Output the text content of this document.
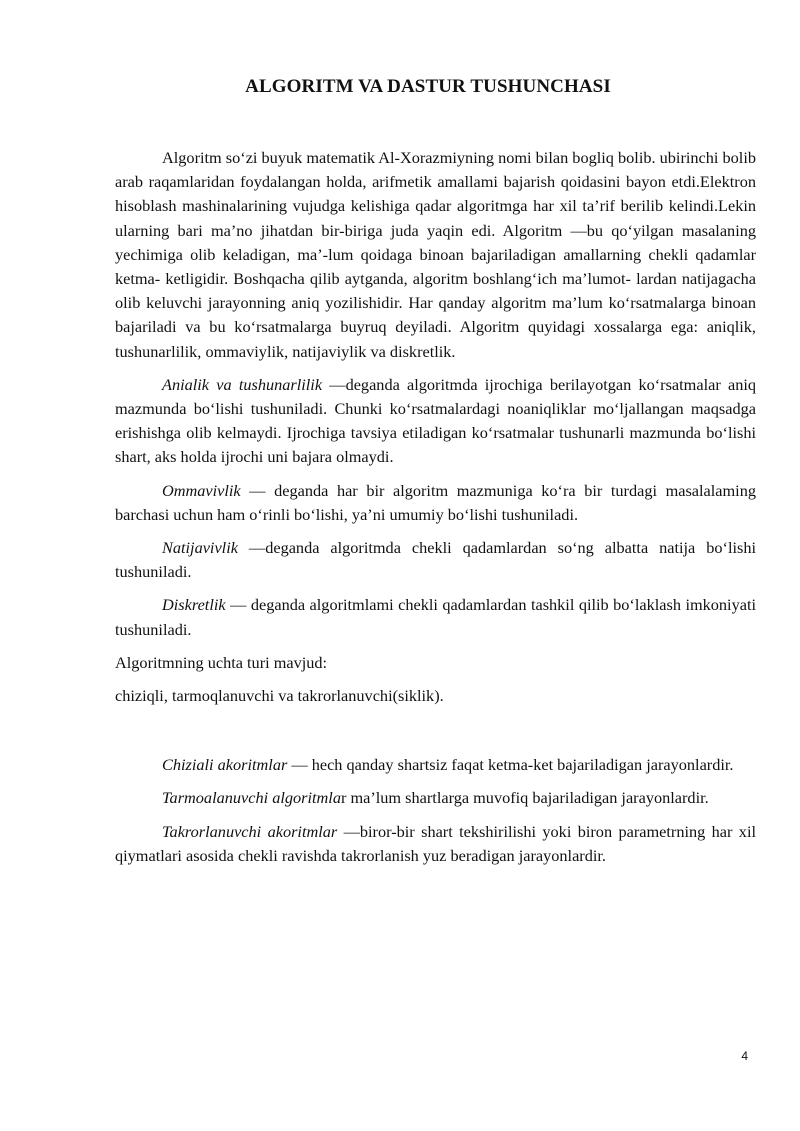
ALGORITM VA DASTUR TUSHUNCHASI

Algoritm so‘zi buyuk matematik Al-Xorazmiyning nomi bilan bogliq bolib. ubirinchi bolib arab raqamlaridan foydalangan holda, arifmetik amallami bajarish qoidasini bayon etdi.Elektron hisoblash mashinalarining vujudga kelishiga qadar algoritmga har xil ta’rif berilib kelindi.Lekin ularning bari ma’no jihatdan bir-biriga juda yaqin edi. Algoritm —bu qo‘yilgan masalaning yechimiga olib keladigan, ma’-lum qoidaga binoan bajariladigan amallarning chekli qadamlar ketma- ketligidir. Boshqacha qilib aytganda, algoritm boshlang‘ich ma’lumot- lardan natijagacha olib keluvchi jarayonning aniq yozilishidir. Har qanday algoritm ma’lum ko‘rsatmalarga binoan bajariladi va bu ko‘rsatmalarga buyruq deyiladi. Algoritm quyidagi xossalarga ega: aniqlik, tushunarlilik, ommaviylik, natijaviylik va diskretlik.

Anialik va tushunarlilik —deganda algoritmda ijrochiga berilayotgan ko‘rsatmalar aniq mazmunda bo‘lishi tushuniladi. Chunki ko‘rsatmalardagi noaniqliklar mo‘ljallangan maqsadga erishishga olib kelmaydi. Ijrochiga tavsiya etiladigan ko‘rsatmalar tushunarli mazmunda bo‘lishi shart, aks holda ijrochi uni bajara olmaydi.

Ommavivlik — deganda har bir algoritm mazmuniga ko‘ra bir turdagi masalalaming barchasi uchun ham o‘rinli bo‘lishi, ya’ni umumiy bo‘lishi tushuniladi.

Natijavivlik —deganda algoritmda chekli qadamlardan so‘ng albatta natija bo‘lishi tushuniladi.

Diskretlik — deganda algoritmlami chekli qadamlardan tashkil qilib bo‘laklash imkoniyati tushuniladi.

Algoritmning uchta turi mavjud:

chiziqli, tarmoqlanuvchi va takrorlanuvchi(siklik).

Chiziali akoritmlar — hech qanday shartsiz faqat ketma-ket bajariladigan jarayonlardir.

Tarmoalanuvchi algoritmlar ma’lum shartlarga muvofiq bajariladigan jarayonlardir.

Takrorlanuvchi akoritmlar —biror-bir shart tekshirilishi yoki biron parametrning har xil qiymatlari asosida chekli ravishda takrorlanish yuz beradigan jarayonlardir.

4
